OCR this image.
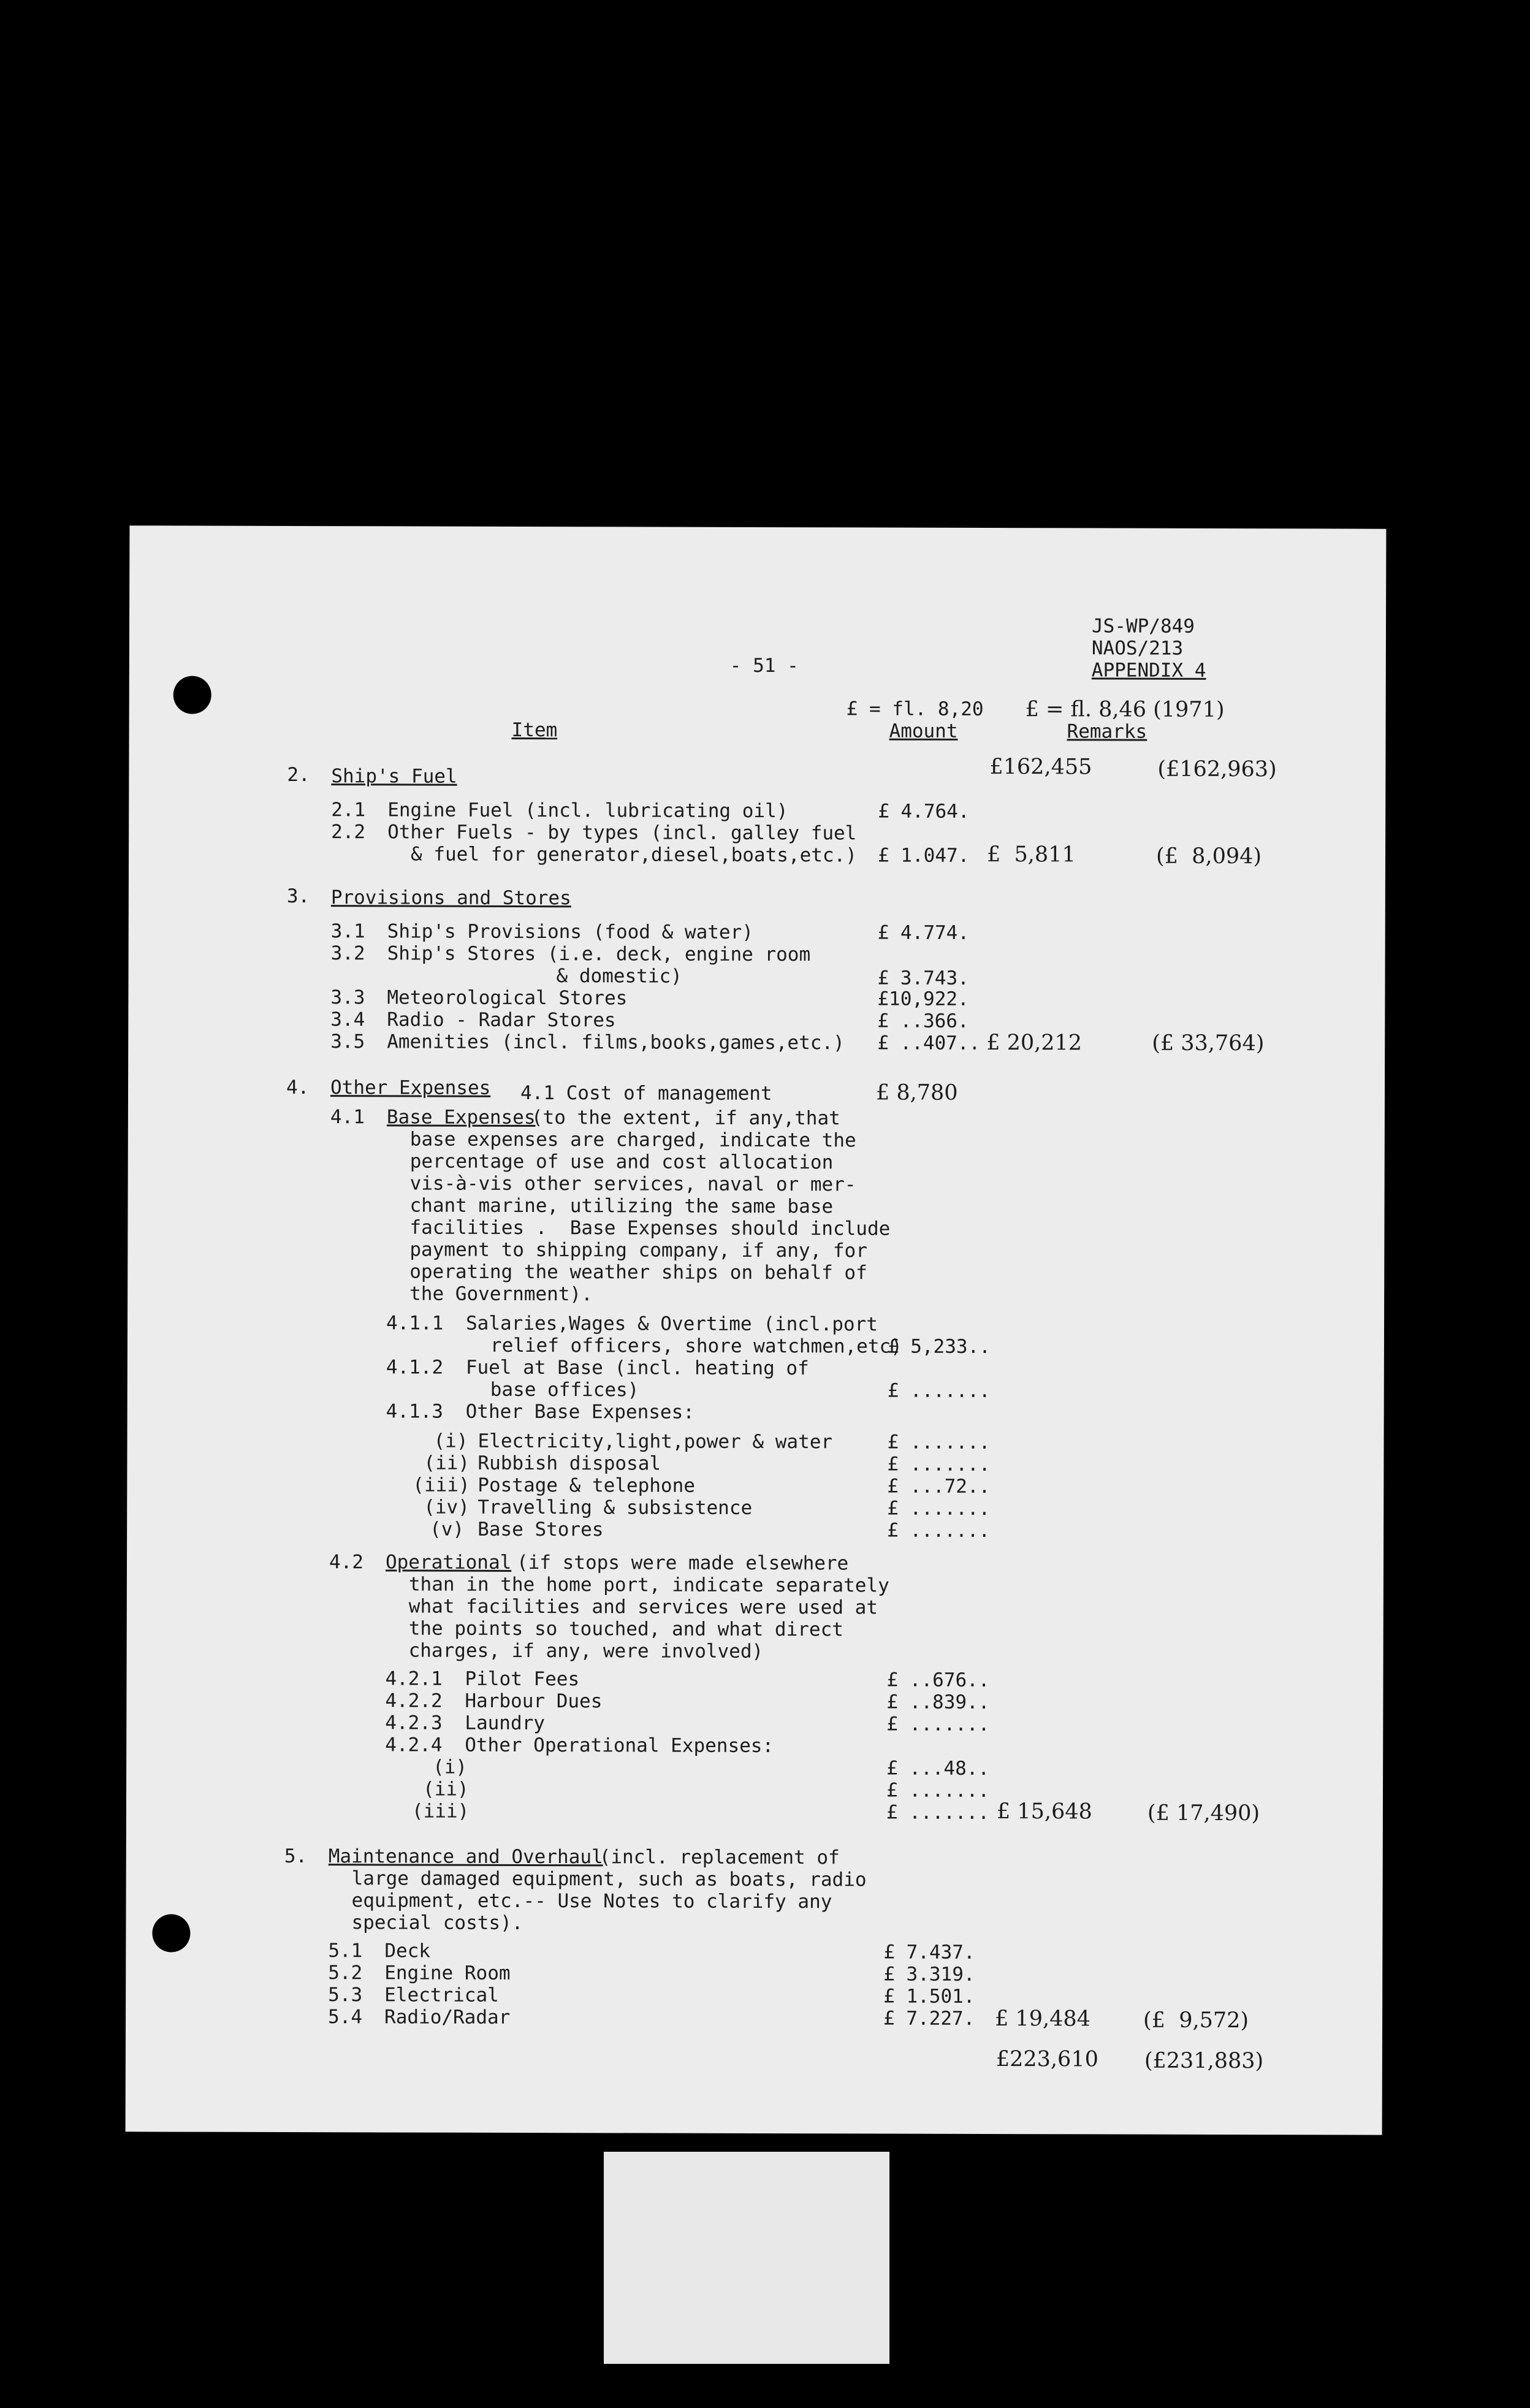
JS-WP/849
NAOS/213
APPENDIX 4
- 51 -
£ = fl. 8,20 £ = fl. 8,46 (1971)
Item	Amount	Remarks
2. Ship's Fuel	£162,455	(£162,963)
2.1 Engine Fuel (incl. lubricating oil)	£ 4.764.
2.2 Other Fuels - by types (incl. galley fuel
& fuel for generator,diesel,boats,etc.) £ 1.047. £  5,811	(£  8,094)
3. Provisions and Stores
3.1 Ship's Provisions (food & water)	£ 4.774.
3.2 Ship's Stores (i.e. deck, engine room
& domestic)	£ 3.743.
3.3 Meteorological Stores	£10,922.
3.4 Radio - Radar Stores	£ ..366.
3.5 Amenities (incl. films,books,games,etc.) £ ..407.. £ 20,212	(£ 33,764)
4. Other Expenses 4.1 Cost of management	£ 8,780
4.1 Base Expenses
(to the extent, if any,that
base expenses are charged, indicate the
percentage of use and cost allocation
vis-à-vis other services, naval or mer-
chant marine, utilizing the same base
facilities .  Base Expenses should include
payment to shipping company, if any, for
operating the weather ships on behalf of
the Government).
4.1.1 Salaries,Wages & Overtime (incl.port
relief officers, shore watchmen,etc)
£ 5,233..
4.1.2 Fuel at Base (incl. heating of
base offices)	£ .......
4.1.3 Other Base Expenses:
(i) Electricity,light,power & water	£ .......
(ii) Rubbish disposal	£ .......
(iii) Postage & telephone	£ ...72..
(iv) Travelling & subsistence	£ .......
(v) Base Stores	£ .......
4.2 Operational (if stops were made elsewhere
than in the home port, indicate separately
what facilities and services were used at
the points so touched, and what direct
charges, if any, were involved)
4.2.1 Pilot Fees	£ ..676..
4.2.2 Harbour Dues	£ ..839..
4.2.3 Laundry	£ .......
4.2.4 Other Operational Expenses:
(i)	£ ...48..
(ii)	£ .......
(iii)	£ ....... £ 15,648	(£ 17,490)
5. Maintenance and Overhaul
(incl. replacement of
large damaged equipment, such as boats, radio
equipment, etc.-- Use Notes to clarify any
special costs).
5.1 Deck	£ 7.437.
5.2 Engine Room	£ 3.319.
5.3 Electrical	£ 1.501.
5.4 Radio/Radar	£ 7.227. £ 19,484 (£  9,572)
£223,610 (£231,883)
